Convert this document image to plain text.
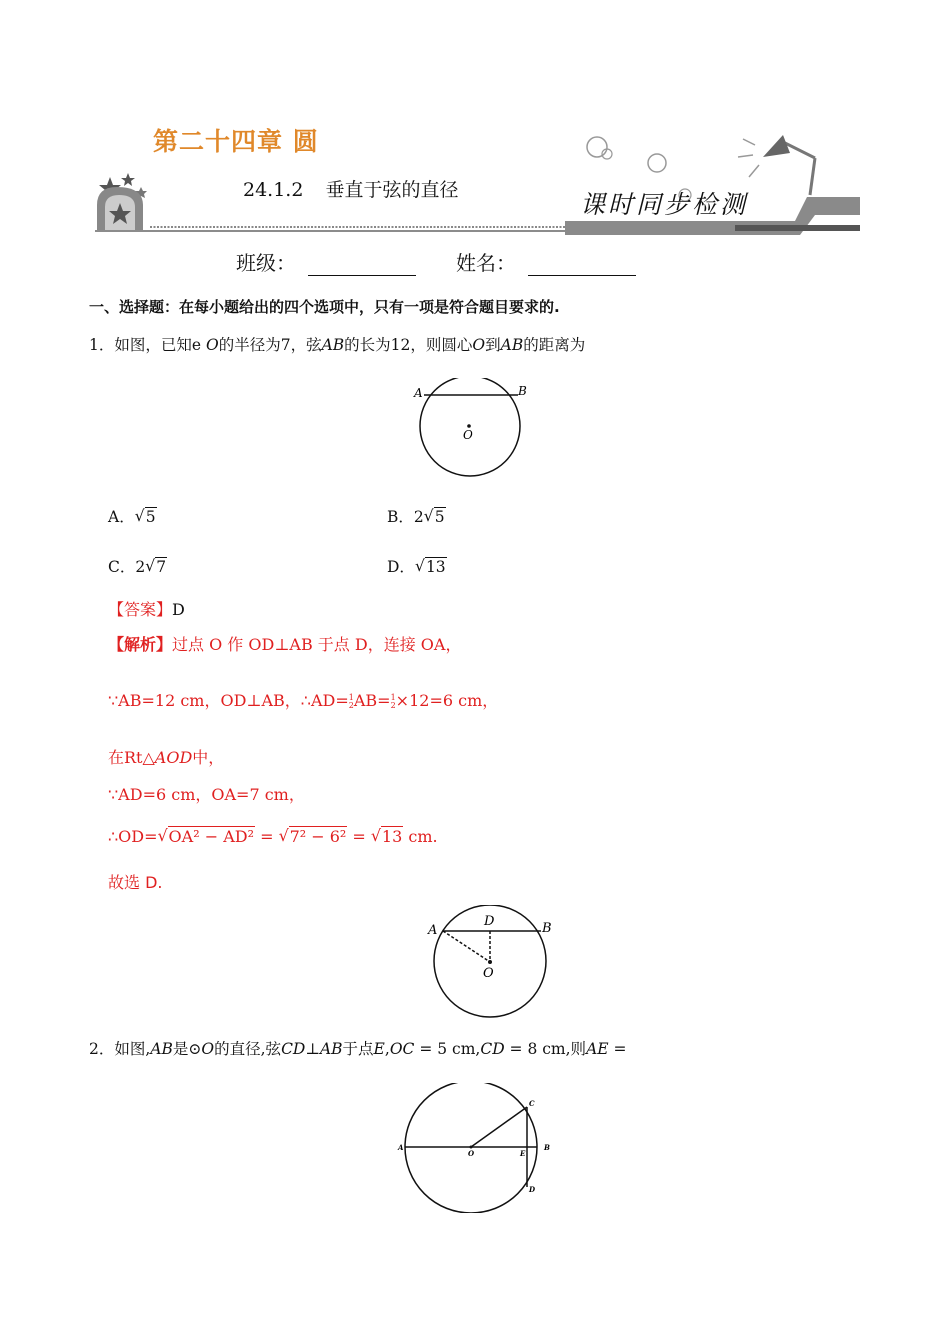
第二十四章 圆
24.1.2 垂直于弦的直径	课时同步检测
班级：	姓名：
一、选择题：在每小题给出的四个选项中，只有一项是符合题目要求的.
1．如图，已知e O的半径为7，弦AB的长为12，则圆心O到AB的距离为
A	B
O
A． √ 5	B．2 √ 5
C．2 √ 7	D． √ 13
【答案】D
【解析】过点 O 作 OD⊥AB 于点 D，连接 OA，
∵AB=12 cm，OD⊥AB，∴AD=1
2AB=1
2×12=6 cm，
在Rt△AOD中，
∵AD=6 cm，OA=7 cm，
∴OD= √ OA² − AD² = √ 7² − 6² = √ 13 cm.
故选 D.
A	B
D
O
2．如图,AB是⊙O的直径,弦CD⊥AB于点E,OC = 5 cm,CD = 8 cm,则AE =
A
O	E
B
C
D
